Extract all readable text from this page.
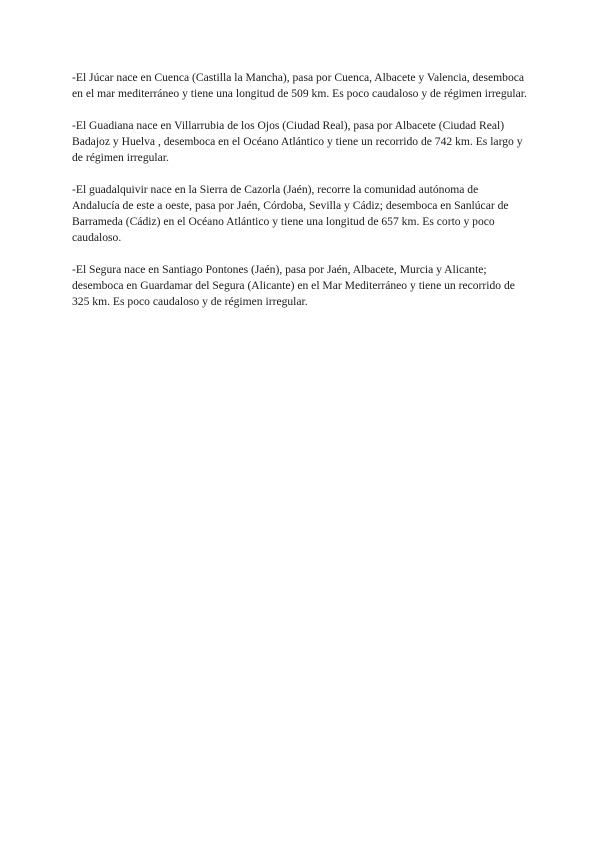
-El Júcar nace en Cuenca (Castilla la Mancha), pasa por Cuenca, Albacete y Valencia, desemboca en el mar mediterráneo y tiene una longitud de 509 km. Es poco caudaloso y de régimen irregular.

-El Guadiana nace en Villarrubia de los Ojos (Ciudad Real), pasa por Albacete (Ciudad Real) Badajoz y Huelva , desemboca en el Océano Atlántico y tiene un recorrido de 742 km. Es largo y de régimen irregular.

-El guadalquivir nace en la Sierra de Cazorla (Jaén), recorre la comunidad autónoma de Andalucía de este a oeste, pasa por Jaén, Córdoba, Sevilla y Cádiz; desemboca en Sanlúcar de Barrameda (Cádiz) en el Océano Atlántico y tiene una longitud de 657 km. Es corto y poco caudaloso.

-El Segura nace en Santiago Pontones (Jaén), pasa por Jaén, Albacete, Murcia y Alicante; desemboca en Guardamar del Segura (Alicante) en el Mar Mediterráneo y tiene un recorrido de 325 km. Es poco caudaloso y de régimen irregular.
